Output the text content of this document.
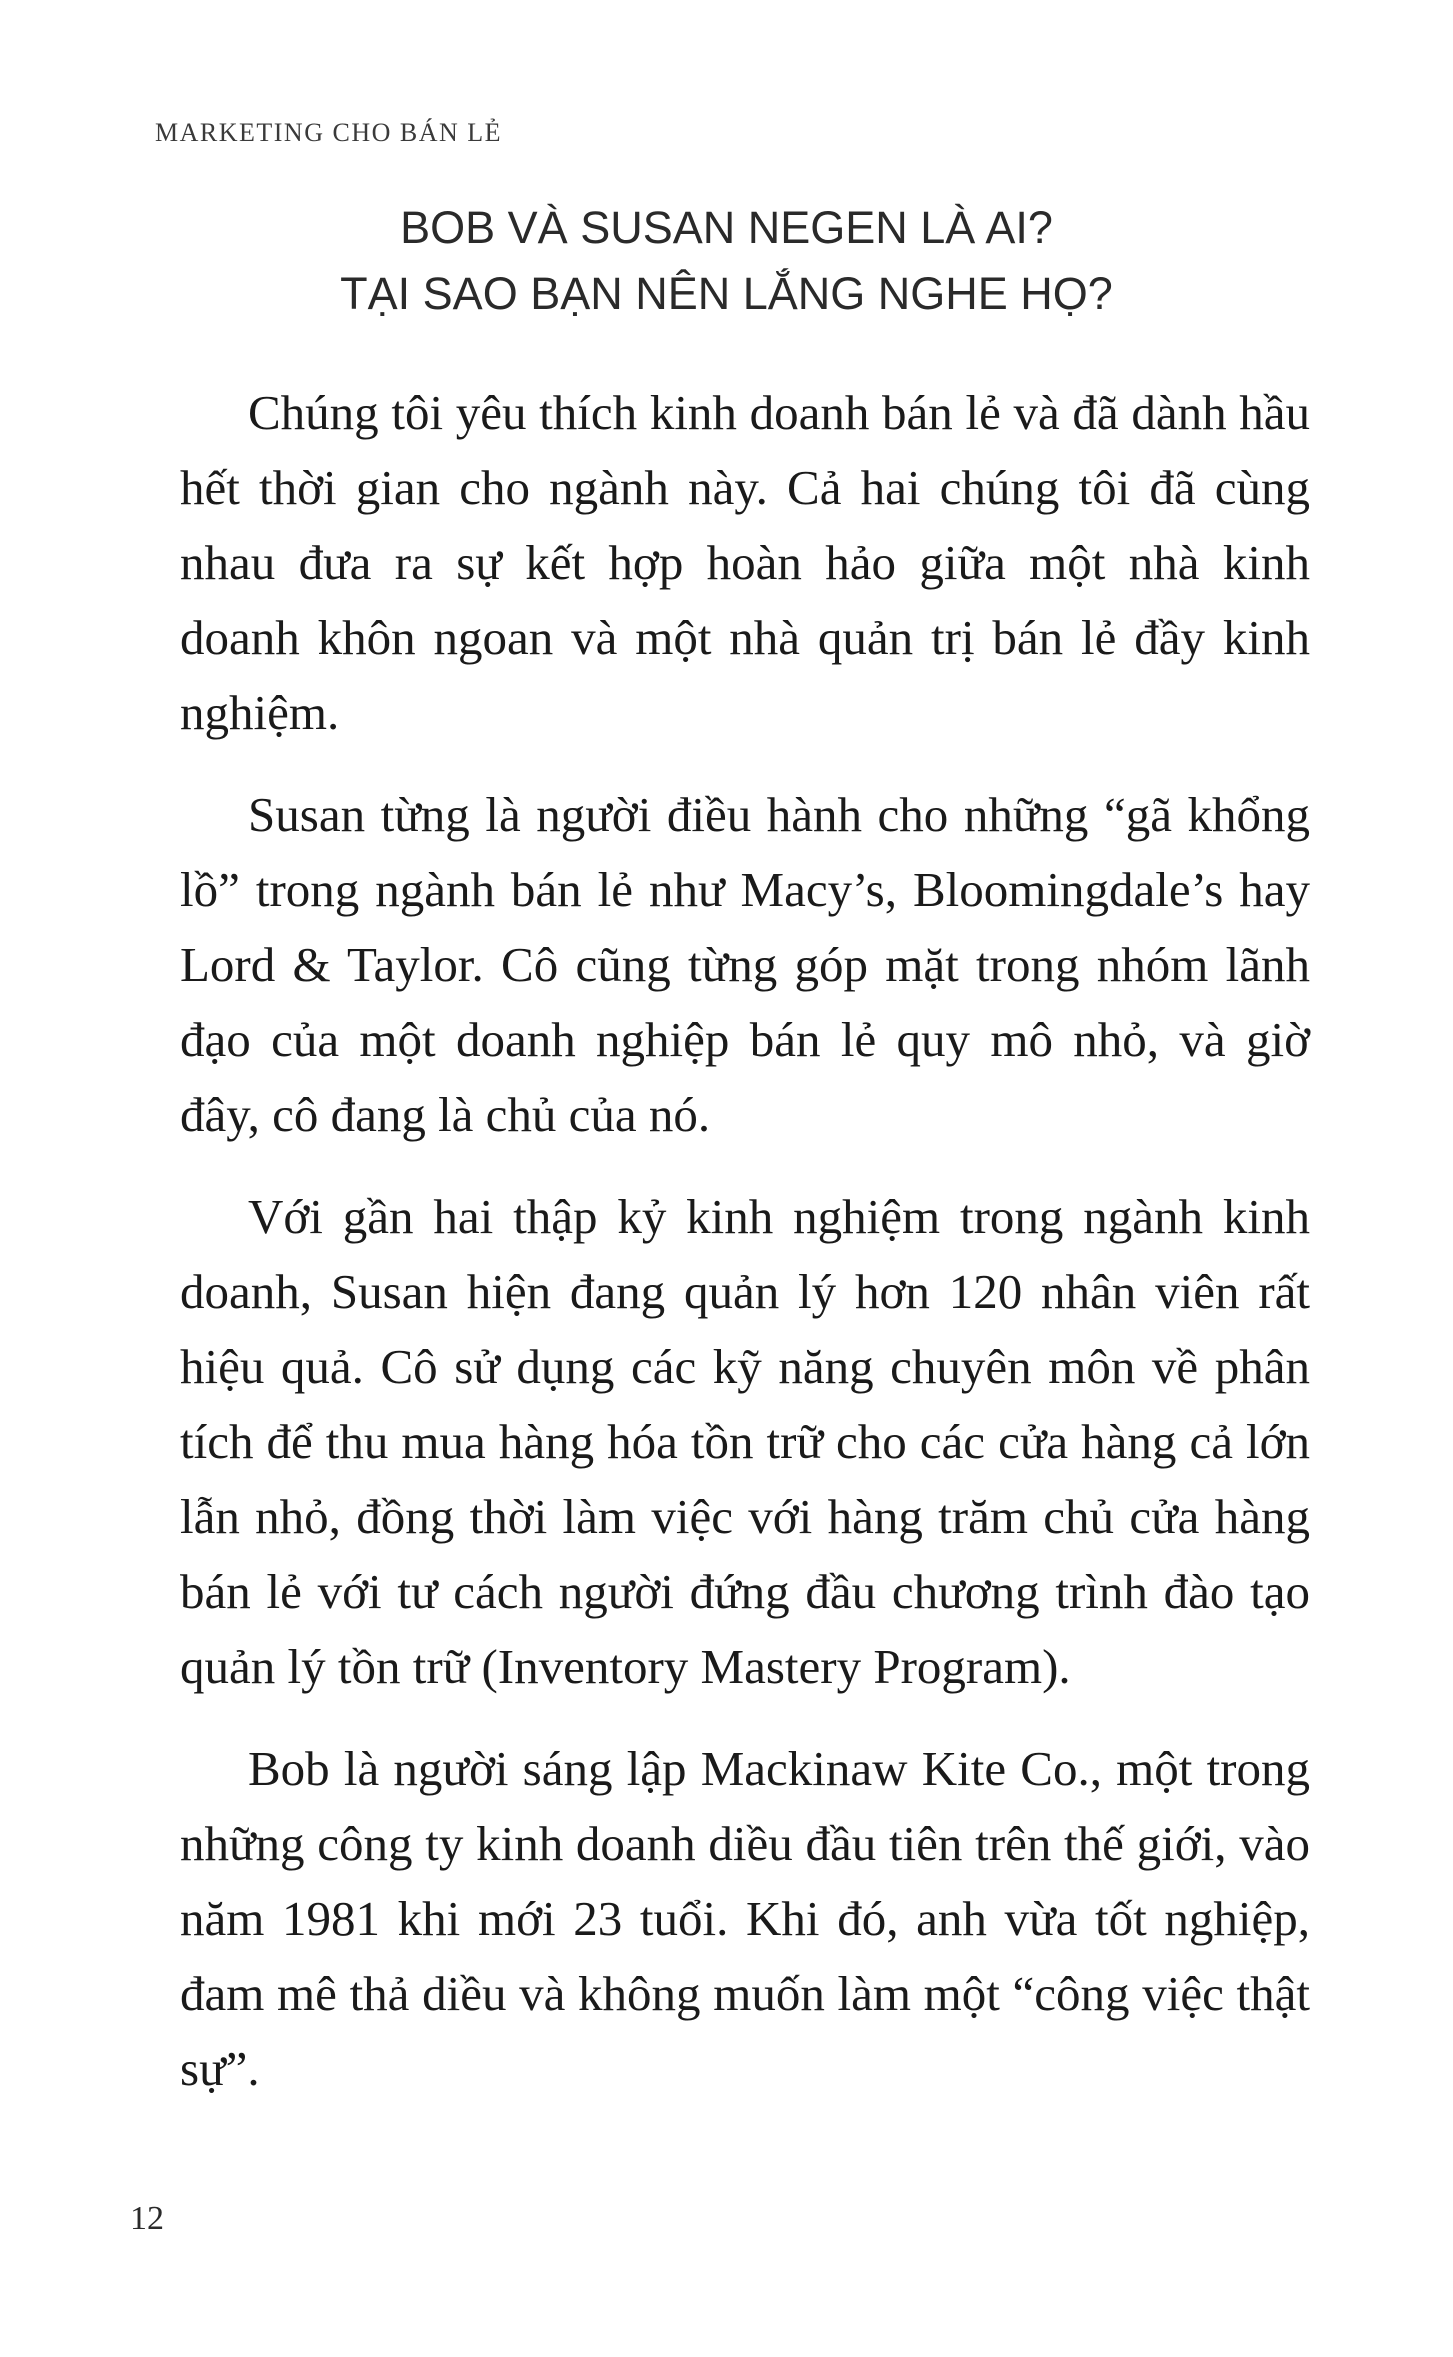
MARKETING CHO BÁN LẺ
BOB VÀ SUSAN NEGEN LÀ AI?
TẠI SAO BẠN NÊN LẮNG NGHE HỌ?

Chúng tôi yêu thích kinh doanh bán lẻ và đã dành hầu hết thời gian cho ngành này. Cả hai chúng tôi đã cùng nhau đưa ra sự kết hợp hoàn hảo giữa một nhà kinh doanh khôn ngoan và một nhà quản trị bán lẻ đầy kinh nghiệm.

Susan từng là người điều hành cho những “gã khổng lồ” trong ngành bán lẻ như Macy’s, Bloomingdale’s hay Lord & Taylor. Cô cũng từng góp mặt trong nhóm lãnh đạo của một doanh nghiệp bán lẻ quy mô nhỏ, và giờ đây, cô đang là chủ của nó.

Với gần hai thập kỷ kinh nghiệm trong ngành kinh doanh, Susan hiện đang quản lý hơn 120 nhân viên rất hiệu quả. Cô sử dụng các kỹ năng chuyên môn về phân tích để thu mua hàng hóa tồn trữ cho các cửa hàng cả lớn lẫn nhỏ, đồng thời làm việc với hàng trăm chủ cửa hàng bán lẻ với tư cách người đứng đầu chương trình đào tạo quản lý tồn trữ (Inventory Mastery Program).

Bob là người sáng lập Mackinaw Kite Co., một trong những công ty kinh doanh diều đầu tiên trên thế giới, vào năm 1981 khi mới 23 tuổi. Khi đó, anh vừa tốt nghiệp, đam mê thả diều và không muốn làm một “công việc thật sự”.

12
